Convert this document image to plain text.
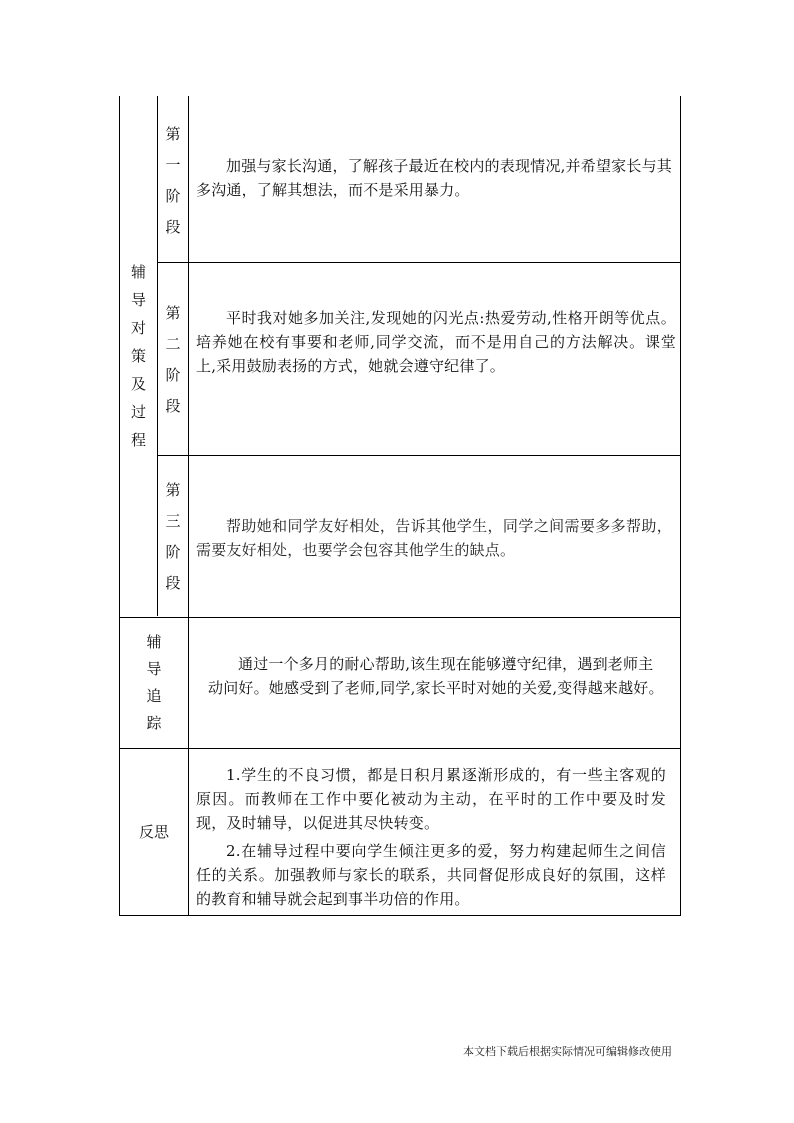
辅
导
对
策
及
过
程
第
一
阶
段

加强与家长沟通，了解孩子最近在校内的表现情况,并希望家长与其多沟通，了解其想法，而不是采用暴力。

第
二
阶
段

平时我对她多加关注,发现她的闪光点:热爱劳动,性格开朗等优点。培养她在校有事要和老师,同学交流，而不是用自己的方法解决。课堂上,采用鼓励表扬的方式，她就会遵守纪律了。

第
三
阶
段

帮助她和同学友好相处，告诉其他学生，同学之间需要多多帮助，需要友好相处，也要学会包容其他学生的缺点。

辅
导
追
踪

通过一个多月的耐心帮助,该生现在能够遵守纪律，遇到老师主动问好。她感受到了老师,同学,家长平时对她的关爱,变得越来越好。

反思

1.学生的不良习惯，都是日积月累逐渐形成的，有一些主客观的原因。而教师在工作中要化被动为主动，在平时的工作中要及时发现，及时辅导，以促进其尽快转变。

2.在辅导过程中要向学生倾注更多的爱，努力构建起师生之间信任的关系。加强教师与家长的联系，共同督促形成良好的氛围，这样的教育和辅导就会起到事半功倍的作用。

本文档下载后根据实际情况可编辑修改使用
